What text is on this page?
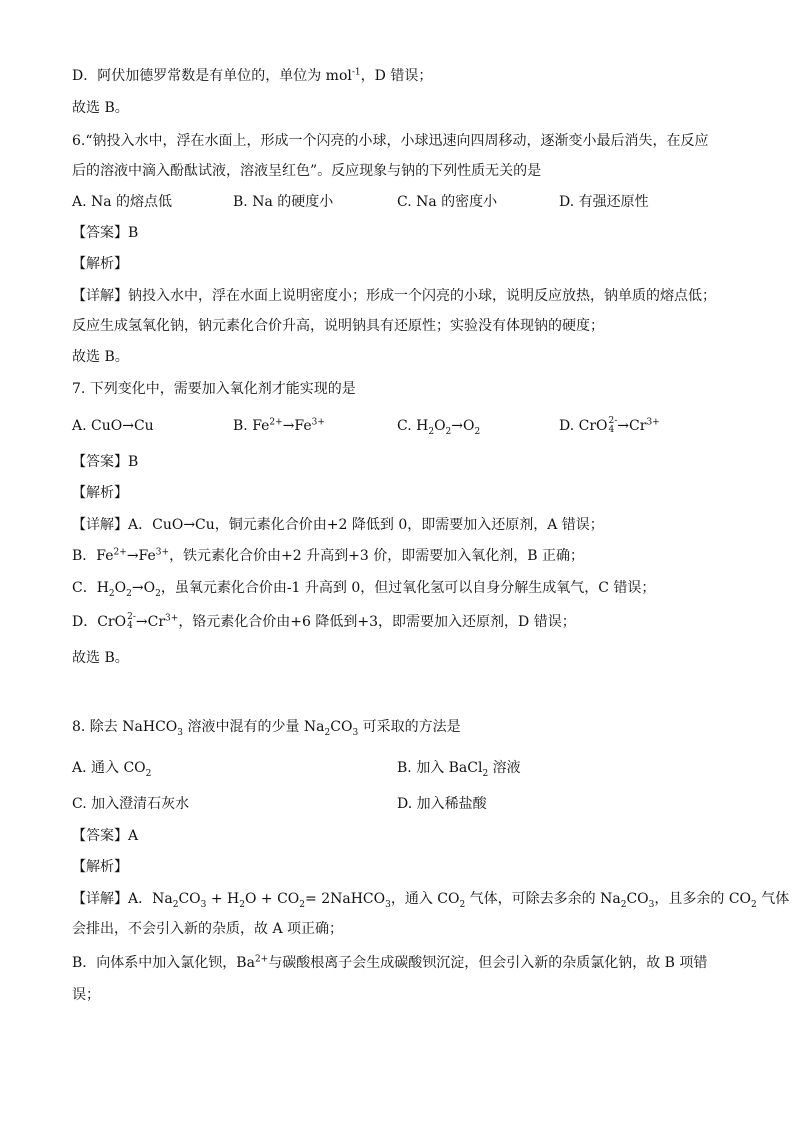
D．阿伏加德罗常数是有单位的，单位为 mol$^{-1}$，D 错误；
故选 B。
6.“钠投入水中，浮在水面上，形成一个闪亮的小球，小球迅速向四周移动，逐渐变小最后消失，在反应
后的溶液中滴入酚酞试液，溶液呈红色”。反应现象与钠的下列性质无关的是
A. Na 的熔点低	B. Na 的硬度小	C. Na 的密度小	D. 有强还原性
【答案】B
【解析】
【详解】钠投入水中，浮在水面上说明密度小；形成一个闪亮的小球，说明反应放热，钠单质的熔点低；
反应生成氢氧化钠，钠元素化合价升高，说明钠具有还原性；实验没有体现钠的硬度；
故选 B。
7. 下列变化中，需要加入氧化剂才能实现的是
A. CuO→Cu	B. $Fe^{2+}\to Fe^{3+}$	C. $H_2O_2\to O_2$	D. CrO 2-
$4 \to Cr^{3+}$
【答案】B
【解析】
【详解】A．CuO→Cu，铜元素化合价由+2 降低到 0，即需要加入还原剂，A 错误；
B．$Fe^{2+}\to Fe^{3+}$，铁元素化合价由+2 升高到+3 价，即需要加入氧化剂，B 正确；
C．$H_2O_2\to O_2$，虽氧元素化合价由-1 升高到 0，但过氧化氢可以自身分解生成氧气，C 错误；
D．CrO 2-
$4 \to Cr^{3+}$，铬元素化合价由+6 降低到+3，即需要加入还原剂，D 错误；
故选 B。
8. 除去 NaHCO$_3$ 溶液中混有的少量 $Na_2CO_3$ 可采取的方法是
A. 通入 $CO_2$	B. 加入 BaCl$_2$ 溶液
C. 加入澄清石灰水	D. 加入稀盐酸
【答案】A
【解析】
【详解】A．$Na_2CO_3 + H_2O + CO_2=$ 2NaHCO$_3$，通入 $CO_2$ 气体，可除去多余的 $Na_2CO_3$，且多余的 $CO_2$ 气体
会排出，不会引入新的杂质，故 A 项正确；
B．向体系中加入氯化钡，$Ba^{2+}$与碳酸根离子会生成碳酸钡沉淀，但会引入新的杂质氯化钠，故 B 项错
误；
